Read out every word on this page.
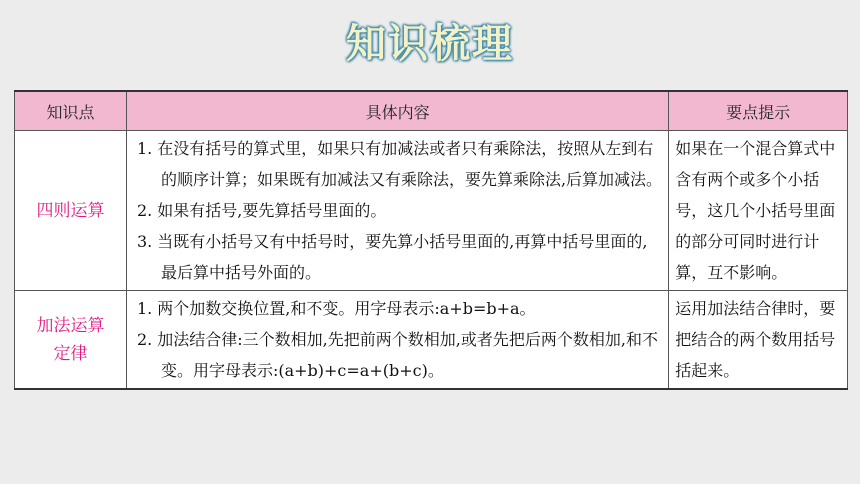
知识梳理
知识点	具体内容	要点提示
四则运算	1. 在没有括号的算式里，如果只有加减法或者只有乘除法，按照从左到右的顺序计算；如果既有加减法又有乘除法，要先算乘除法,后算加减法。
2. 如果有括号,要先算括号里面的。
3. 当既有小括号又有中括号时，要先算小括号里面的,再算中括号里面的,最后算中括号外面的。	如果在一个混合算式中含有两个或多个小括号，这几个小括号里面的部分可同时进行计算，互不影响。
加法运算定律	1. 两个加数交换位置,和不变。用字母表示:a+b=b+a。
2. 加法结合律:三个数相加,先把前两个数相加,或者先把后两个数相加,和不变。用字母表示:(a+b)+c=a+(b+c)。	运用加法结合律时，要把结合的两个数用括号括起来。
